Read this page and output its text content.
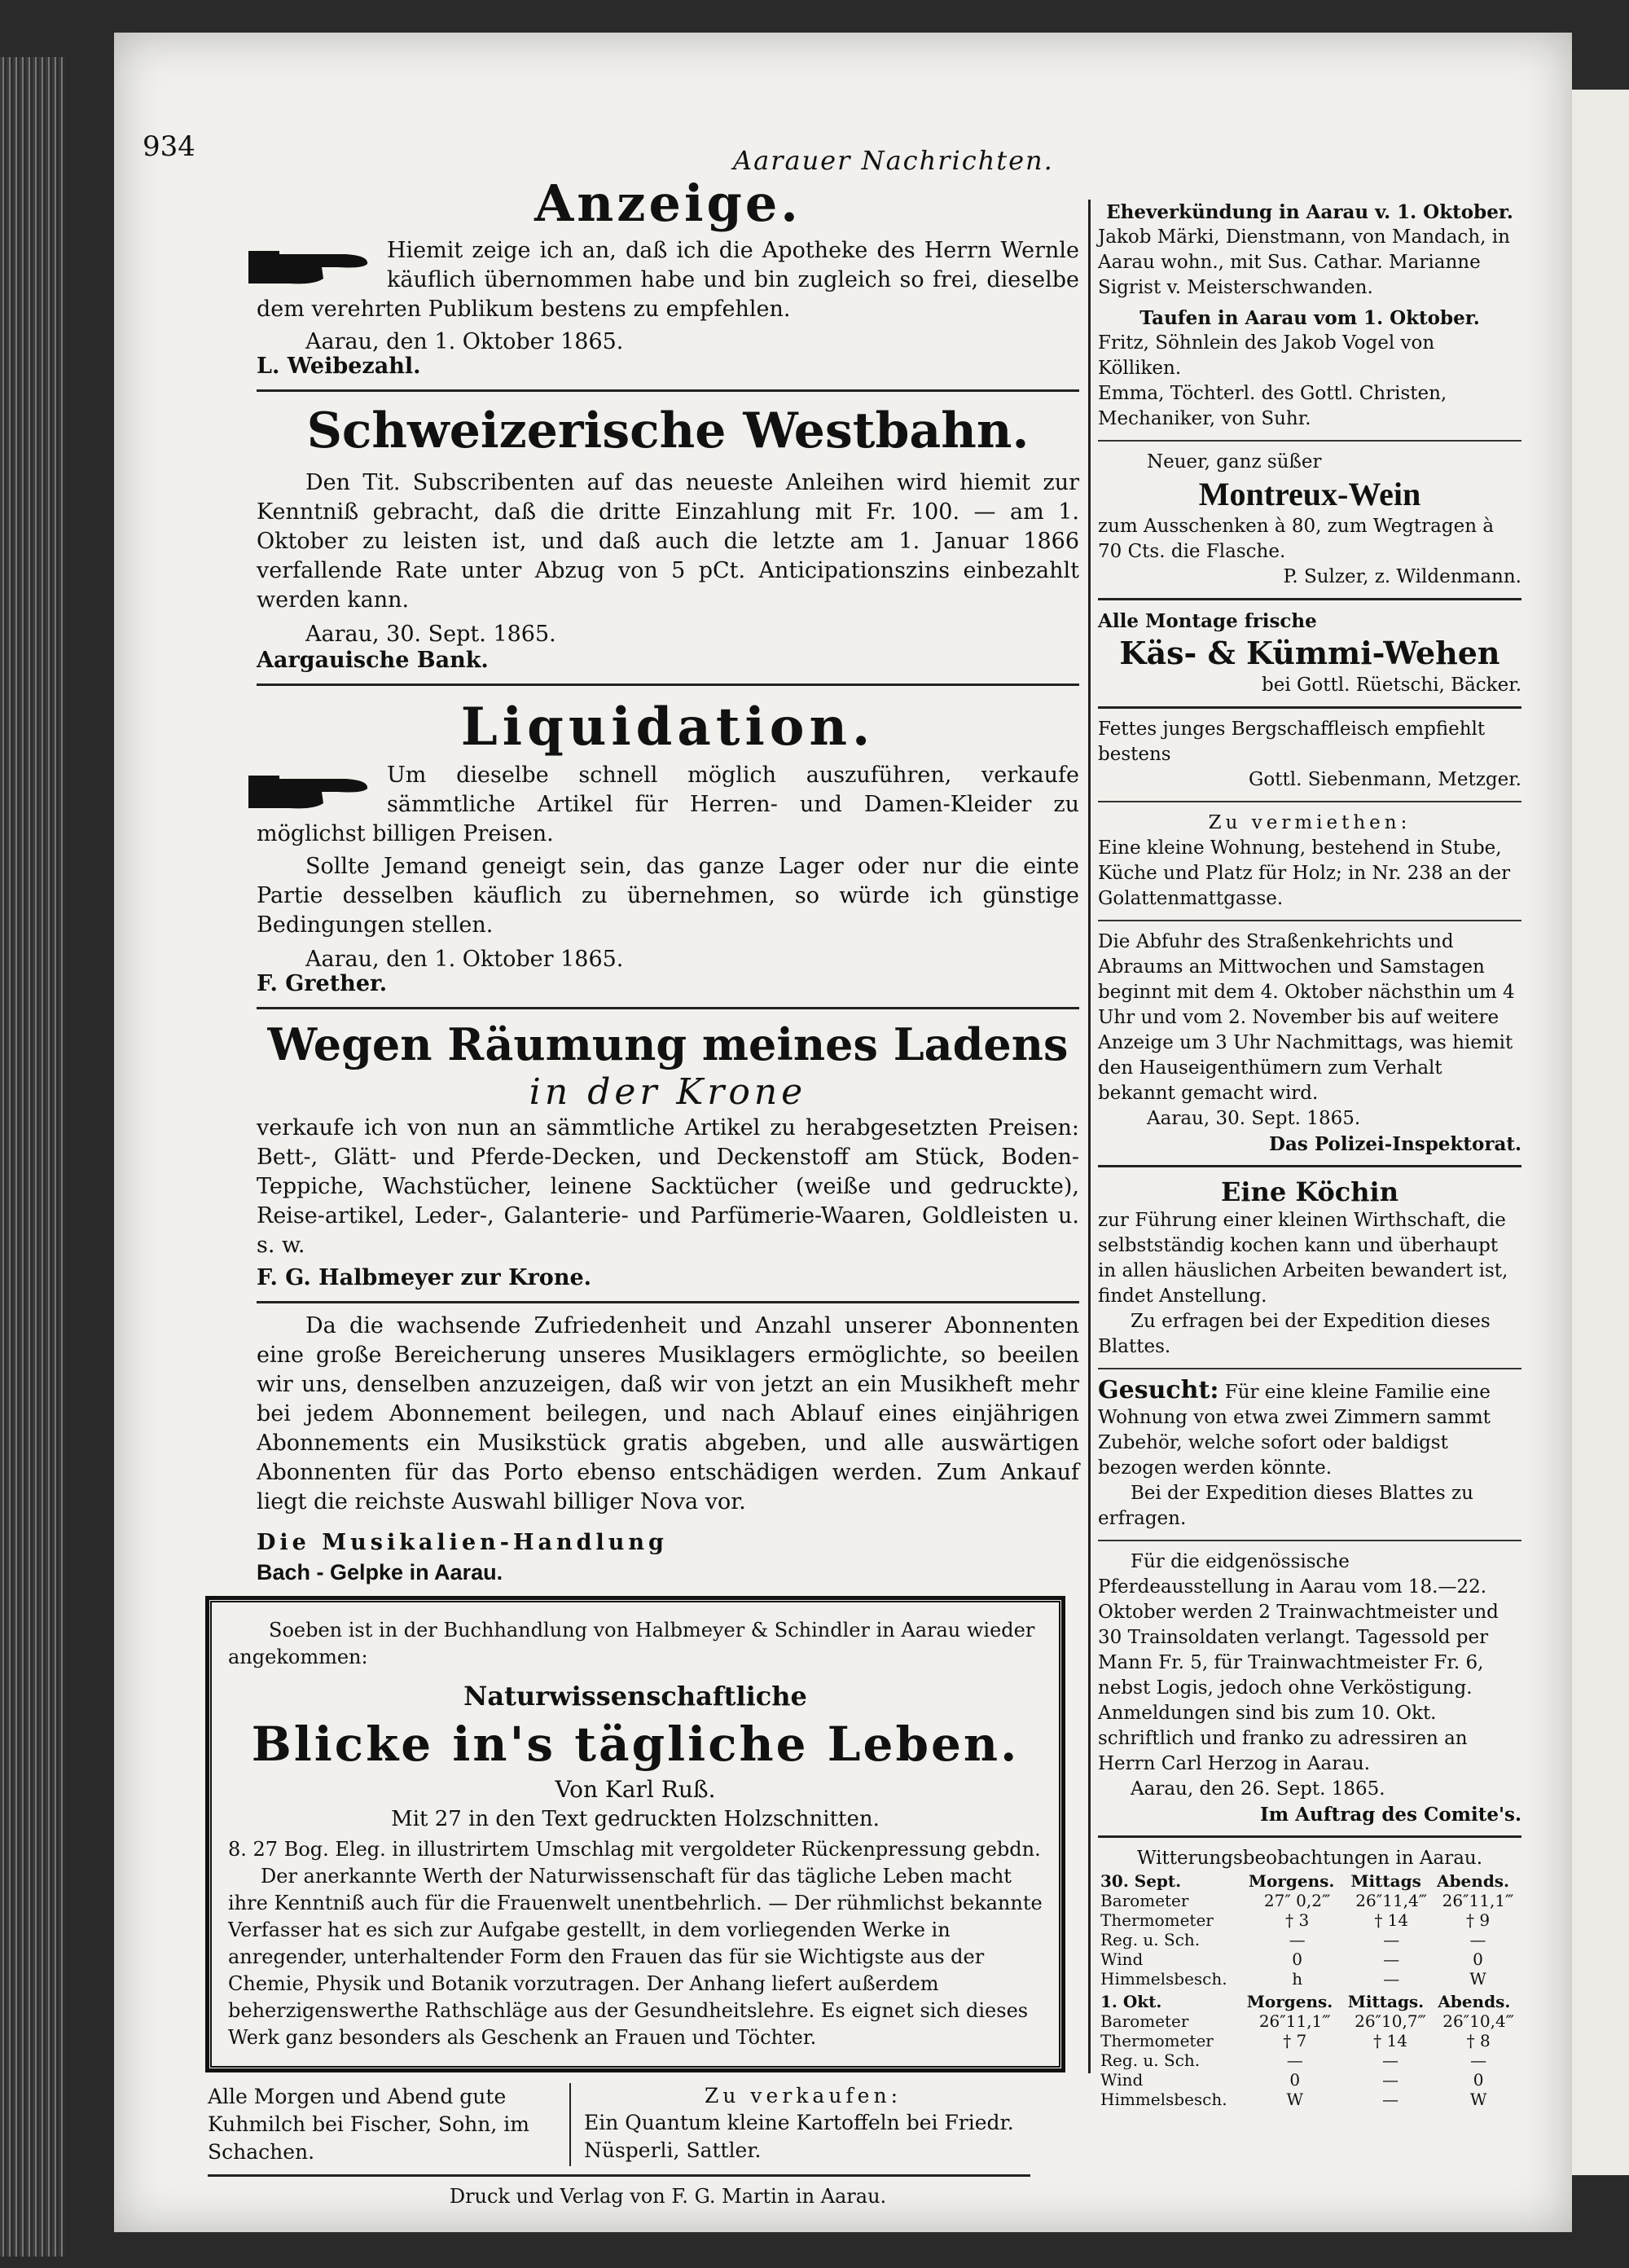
934	Aarauer Nachrichten.
Anzeige.

Hiemit zeige ich an, daß ich die Apotheke des Herrn Wernle käuflich übernommen habe und bin zugleich so frei, dieselbe dem verehrten Publikum bestens zu empfehlen.

Aarau, den 1. Oktober 1865.

L. Weibezahl.

Schweizerische Westbahn.

Den Tit. Subscribenten auf das neueste Anleihen wird hiemit zur Kenntniß gebracht, daß die dritte Einzahlung mit Fr. 100. — am 1. Oktober zu leisten ist, und daß auch die letzte am 1. Januar 1866 verfallende Rate unter Abzug von 5 pCt. Anticipationszins einbezahlt werden kann.

Aarau, 30. Sept. 1865.

Aargauische Bank.

Liquidation.

Um dieselbe schnell möglich auszuführen, verkaufe sämmtliche Artikel für Herren- und Damen-Kleider zu möglichst billigen Preisen.

Sollte Jemand geneigt sein, das ganze Lager oder nur die einte Partie desselben käuflich zu übernehmen, so würde ich günstige Bedingungen stellen.

Aarau, den 1. Oktober 1865.

F. Grether.

Wegen Räumung meines Ladens
in der Krone

verkaufe ich von nun an sämmtliche Artikel zu herabgesetzten Preisen: Bett-, Glätt- und Pferde-Decken, und Deckenstoff am Stück, Boden-Teppiche, Wachstücher, leinene Sacktücher (weiße und gedruckte), Reise-artikel, Leder-, Galanterie- und Parfümerie-Waaren, Goldleisten u. s. w.

F. G. Halbmeyer zur Krone.

Da die wachsende Zufriedenheit und Anzahl unserer Abonnenten eine große Bereicherung unseres Musiklagers ermöglichte, so beeilen wir uns, denselben anzuzeigen, daß wir von jetzt an ein Musikheft mehr bei jedem Abonnement beilegen, und nach Ablauf eines einjährigen Abonnements ein Musikstück gratis abgeben, und alle auswärtigen Abonnenten für das Porto ebenso entschädigen werden. Zum Ankauf liegt die reichste Auswahl billiger Nova vor.

Die Musikalien-Handlung

Bach - Gelpke in Aarau.

Soeben ist in der Buchhandlung von Halbmeyer & Schindler in Aarau wieder angekommen:

Naturwissenschaftliche

Blicke in's tägliche Leben.

Von Karl Ruß.

Mit 27 in den Text gedruckten Holzschnitten.

8. 27 Bog. Eleg. in illustrirtem Umschlag mit vergoldeter Rückenpressung gebdn.

Der anerkannte Werth der Naturwissenschaft für das tägliche Leben macht ihre Kenntniß auch für die Frauenwelt unentbehrlich. — Der rühmlichst bekannte Verfasser hat es sich zur Aufgabe gestellt, in dem vorliegenden Werke in anregender, unterhaltender Form den Frauen das für sie Wichtigste aus der Chemie, Physik und Botanik vorzutragen. Der Anhang liefert außerdem beherzigenswerthe Rathschläge aus der Gesundheitslehre. Es eignet sich dieses Werk ganz besonders als Geschenk an Frauen und Töchter.

Alle Morgen und Abend gute Kuhmilch bei Fischer, Sohn, im Schachen.

Zu verkaufen:

Ein Quantum kleine Kartoffeln bei Friedr. Nüsperli, Sattler.

Druck und Verlag von F. G. Martin in Aarau.

Eheverkündung in Aarau v. 1. Oktober.

Jakob Märki, Dienstmann, von Mandach, in Aarau wohn., mit Sus. Cathar. Marianne Sigrist v. Meisterschwanden.

Taufen in Aarau vom 1. Oktober.

Fritz, Söhnlein des Jakob Vogel von Kölliken.

Emma, Töchterl. des Gottl. Christen, Mechaniker, von Suhr.

Neuer, ganz süßer

Montreux-Wein

zum Ausschenken à 80, zum Wegtragen à 70 Cts. die Flasche.

P. Sulzer, z. Wildenmann.

Alle Montage frische

Käs- & Kümmi-Wehen

bei Gottl. Rüetschi, Bäcker.

Fettes junges Bergschaffleisch empfiehlt bestens

Gottl. Siebenmann, Metzger.

Zu vermiethen:

Eine kleine Wohnung, bestehend in Stube, Küche und Platz für Holz; in Nr. 238 an der Golattenmattgasse.

Die Abfuhr des Straßenkehrichts und Abraums an Mittwochen und Samstagen beginnt mit dem 4. Oktober nächsthin um 4 Uhr und vom 2. November bis auf weitere Anzeige um 3 Uhr Nachmittags, was hiemit den Hauseigenthümern zum Verhalt bekannt gemacht wird.

Aarau, 30. Sept. 1865.

Das Polizei-Inspektorat.

Eine Köchin

zur Führung einer kleinen Wirthschaft, die selbstständig kochen kann und überhaupt in allen häuslichen Arbeiten bewandert ist, findet Anstellung.

Zu erfragen bei der Expedition dieses Blattes.

Gesucht: Für eine kleine Familie eine Wohnung von etwa zwei Zimmern sammt Zubehör, welche sofort oder baldigst bezogen werden könnte.

Bei der Expedition dieses Blattes zu erfragen.

Für die eidgenössische Pferdeausstellung in Aarau vom 18.—22. Oktober werden 2 Trainwachtmeister und 30 Trainsoldaten verlangt. Tagessold per Mann Fr. 5, für Trainwachtmeister Fr. 6, nebst Logis, jedoch ohne Verköstigung. Anmeldungen sind bis zum 10. Okt. schriftlich und franko zu adressiren an Herrn Carl Herzog in Aarau.

Aarau, den 26. Sept. 1865.

Im Auftrag des Comite's.

Witterungsbeobachtungen in Aarau.

30. Sept.	Morgens.	Mittags	Abends.
Barometer	27″ 0,2‴	26″11,4‴	26″11,1‴
Thermometer	† 3	† 14	† 9
Reg. u. Sch.	—	—	—
Wind	0	—	0
Himmelsbesch.	h	—	W
1. Okt.	Morgens.	Mittags.	Abends.
Barometer	26″11,1‴	26″10,7‴	26″10,4‴
Thermometer	† 7	† 14	† 8
Reg. u. Sch.	—	—	—
Wind	0	—	0
Himmelsbesch.	W	—	W
